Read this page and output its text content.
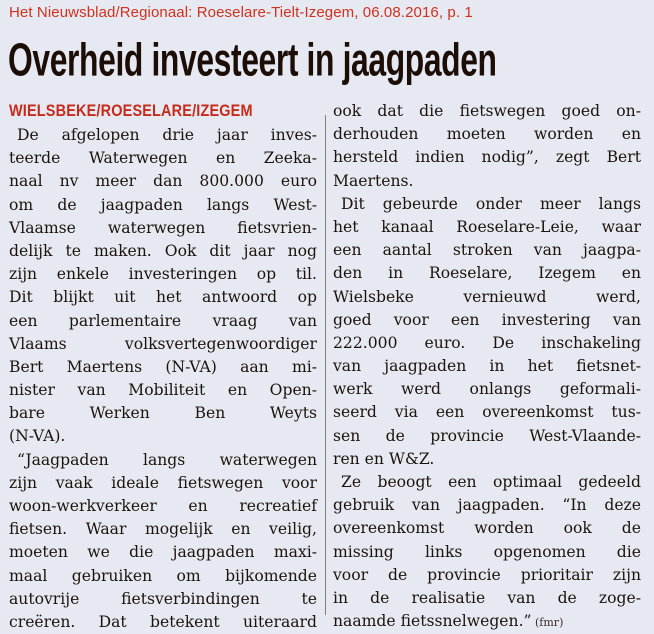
Het Nieuwsblad/Regionaal: Roeselare-Tielt-Izegem, 06.08.2016, p. 1
Overheid investeert in jaagpaden
WIELSBEKE/ROESELARE/IZEGEM
De afgelopen drie jaar inves-
teerde Waterwegen en Zeeka-
naal nv meer dan 800.000 euro
om de jaagpaden langs West-
Vlaamse waterwegen fietsvrien-
delijk te maken. Ook dit jaar nog
zijn enkele investeringen op til.
Dit blijkt uit het antwoord op
een parlementaire vraag van
Vlaams volksvertegenwoordiger
Bert Maertens (N-VA) aan mi-
nister van Mobiliteit en Open-
bare Werken Ben Weyts
(N-VA).
“Jaagpaden langs waterwegen
zijn vaak ideale fietswegen voor
woon-werkverkeer en recreatief
fietsen. Waar mogelijk en veilig,
moeten we die jaagpaden maxi-
maal gebruiken om bijkomende
autovrije fietsverbindingen te
creëren. Dat betekent uiteraard
ook dat die fietswegen goed on-
derhouden moeten worden en
hersteld indien nodig”, zegt Bert
Maertens.
Dit gebeurde onder meer langs
het kanaal Roeselare-Leie, waar
een aantal stroken van jaagpa-
den in Roeselare, Izegem en
Wielsbeke vernieuwd werd,
goed voor een investering van
222.000 euro. De inschakeling
van jaagpaden in het fietsnet-
werk werd onlangs geformali-
seerd via een overeenkomst tus-
sen de provincie West-Vlaande-
ren en W&Z.
Ze beoogt een optimaal gedeeld
gebruik van jaagpaden. “In deze
overeenkomst worden ook de
missing links opgenomen die
voor de provincie prioritair zijn
in de realisatie van de zoge-
naamde fietssnelwegen.” (fmr)
